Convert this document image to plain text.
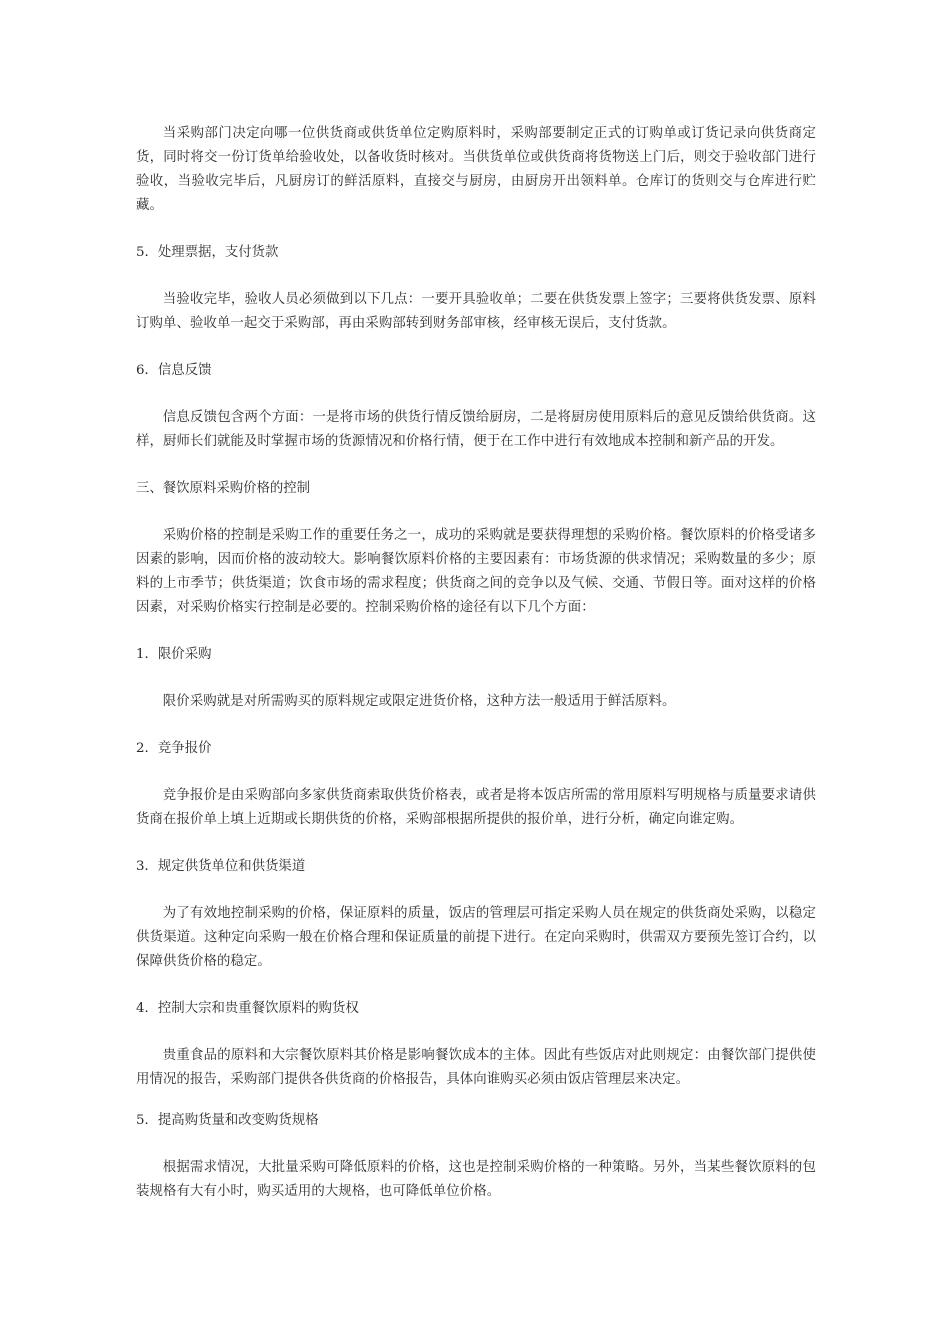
当采购部门决定向哪一位供货商或供货单位定购原料时，采购部要制定正式的订购单或订货记录向供货商定货，同时将交一份订货单给验收处，以备收货时核对。当供货单位或供货商将货物送上门后，则交于验收部门进行验收，当验收完毕后，凡厨房订的鲜活原料，直接交与厨房，由厨房开出领料单。仓库订的货则交与仓库进行贮藏。

5．处理票据，支付货款

当验收完毕，验收人员必须做到以下几点：一要开具验收单；二要在供货发票上签字；三要将供货发票、原料订购单、验收单一起交于采购部，再由采购部转到财务部审核，经审核无误后，支付货款。

6．信息反馈

信息反馈包含两个方面：一是将市场的供货行情反馈给厨房，二是将厨房使用原料后的意见反馈给供货商。这样，厨师长们就能及时掌握市场的货源情况和价格行情，便于在工作中进行有效地成本控制和新产品的开发。

三、餐饮原料采购价格的控制

采购价格的控制是采购工作的重要任务之一，成功的采购就是要获得理想的采购价格。餐饮原料的价格受诸多因素的影响，因而价格的波动较大。影响餐饮原料价格的主要因素有：市场货源的供求情况；采购数量的多少；原料的上市季节；供货渠道；饮食市场的需求程度；供货商之间的竞争以及气候、交通、节假日等。面对这样的价格因素，对采购价格实行控制是必要的。控制采购价格的途径有以下几个方面：

1．限价采购

限价采购就是对所需购买的原料规定或限定进货价格，这种方法一般适用于鲜活原料。

2．竞争报价

竞争报价是由采购部向多家供货商索取供货价格表，或者是将本饭店所需的常用原料写明规格与质量要求请供货商在报价单上填上近期或长期供货的价格，采购部根据所提供的报价单，进行分析，确定向谁定购。

3．规定供货单位和供货渠道

为了有效地控制采购的价格，保证原料的质量，饭店的管理层可指定采购人员在规定的供货商处采购，以稳定供货渠道。这种定向采购一般在价格合理和保证质量的前提下进行。在定向采购时，供需双方要预先签订合约，以保障供货价格的稳定。

4．控制大宗和贵重餐饮原料的购货权

贵重食品的原料和大宗餐饮原料其价格是影响餐饮成本的主体。因此有些饭店对此则规定：由餐饮部门提供使用情况的报告，采购部门提供各供货商的价格报告，具体向谁购买必须由饭店管理层来决定。

5．提高购货量和改变购货规格

根据需求情况，大批量采购可降低原料的价格，这也是控制采购价格的一种策略。另外，当某些餐饮原料的包装规格有大有小时，购买适用的大规格，也可降低单位价格。
